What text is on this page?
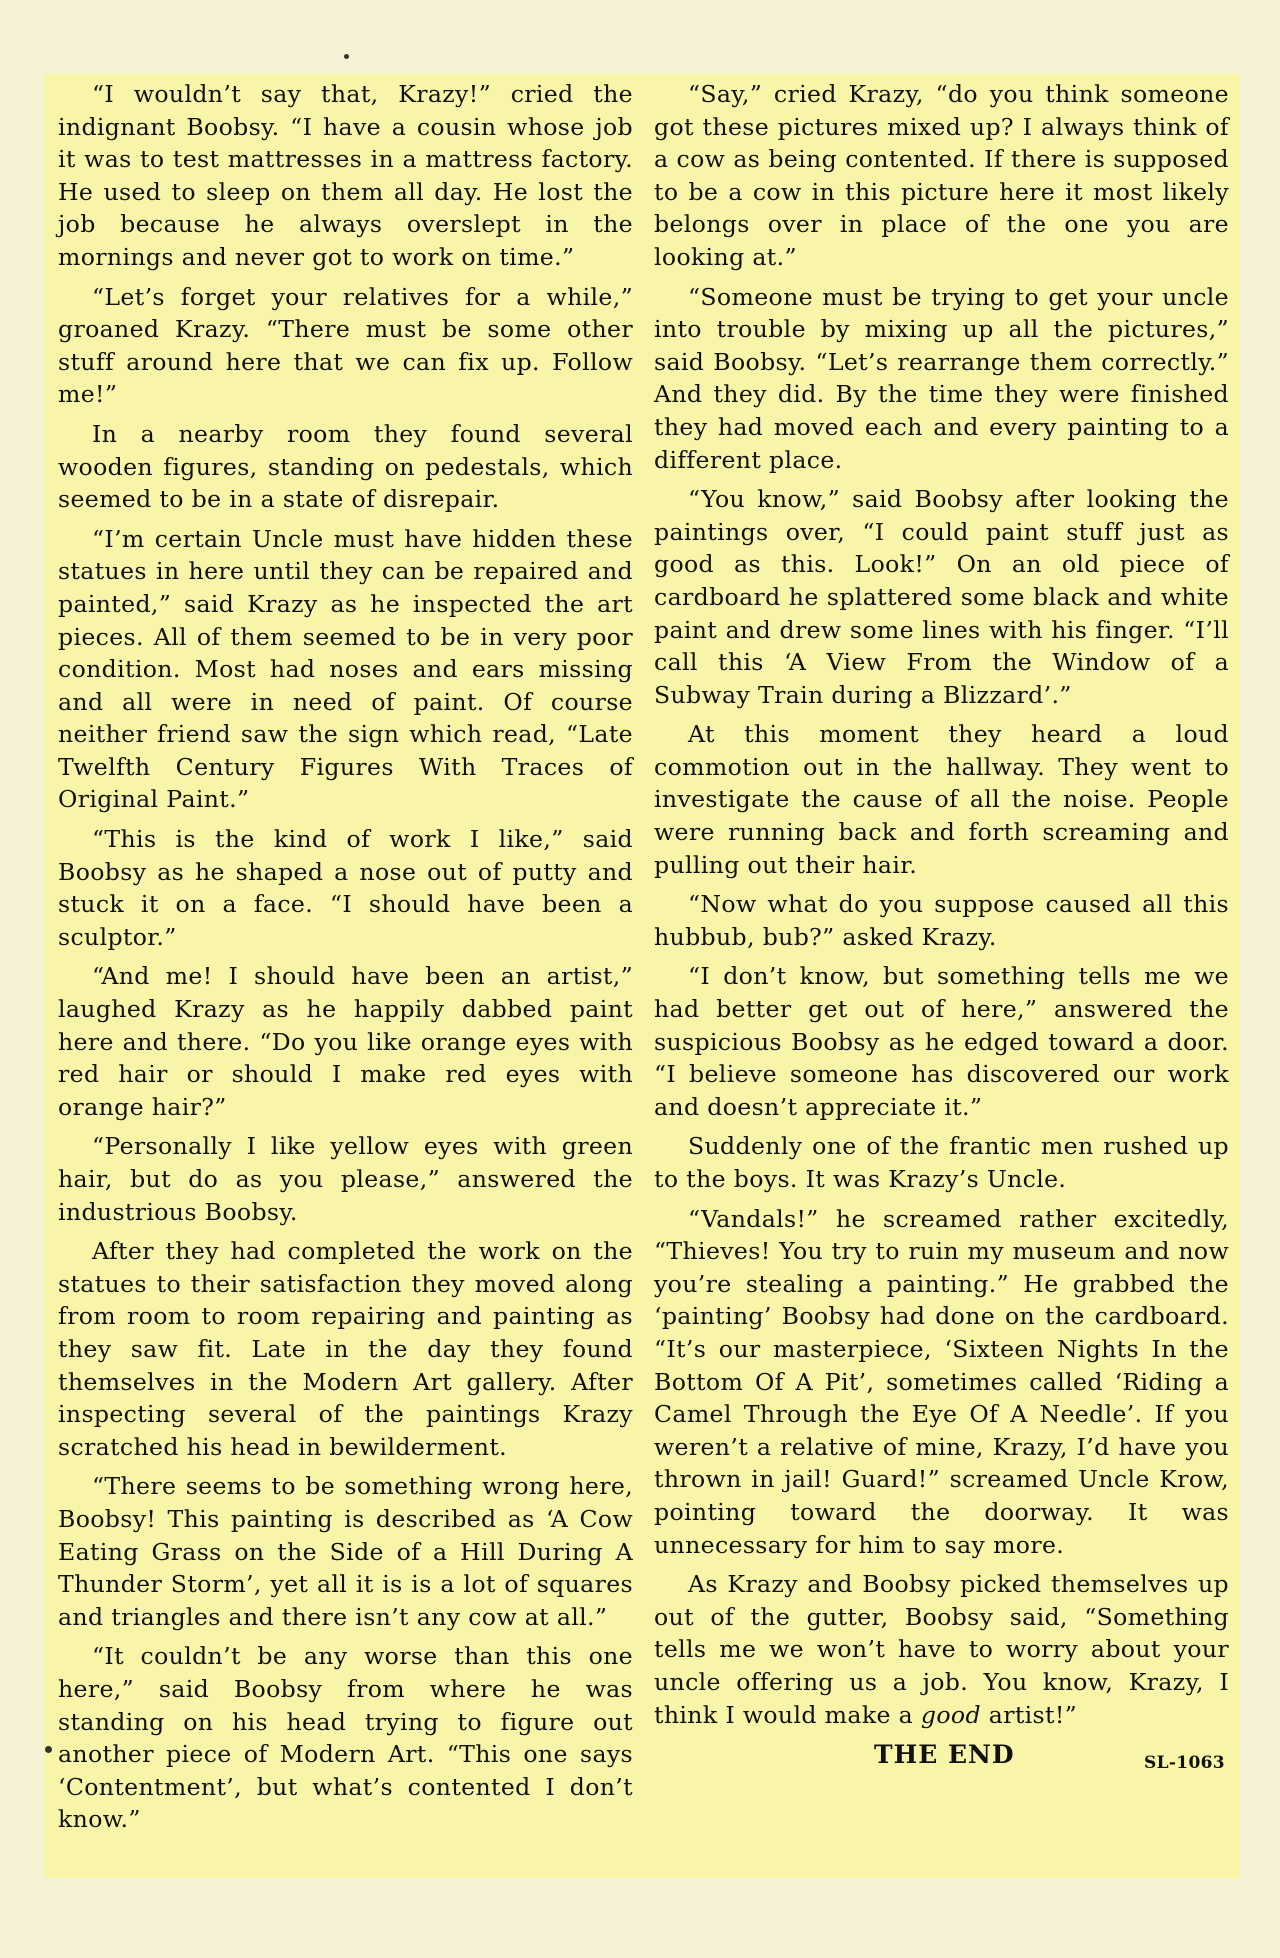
“I wouldn’t say that, Krazy!” cried the indignant Boobsy. “I have a cousin whose job it was to test mattresses in a mattress factory. He used to sleep on them all day. He lost the job because he always overslept in the mornings and never got to work on time.”

“Let’s forget your relatives for a while,” groaned Krazy. “There must be some other stuff around here that we can fix up. Follow me!”

In a nearby room they found several wooden figures, standing on pedestals, which seemed to be in a state of disrepair.

“I’m certain Uncle must have hidden these statues in here until they can be repaired and painted,” said Krazy as he inspected the art pieces. All of them seemed to be in very poor condition. Most had noses and ears missing and all were in need of paint. Of course neither friend saw the sign which read, “Late Twelfth Century Figures With Traces of Original Paint.”

“This is the kind of work I like,” said Boobsy as he shaped a nose out of putty and stuck it on a face. “I should have been a sculptor.”

“And me! I should have been an artist,” laughed Krazy as he happily dabbed paint here and there. “Do you like orange eyes with red hair or should I make red eyes with orange hair?”

“Personally I like yellow eyes with green hair, but do as you please,” answered the industrious Boobsy.

After they had completed the work on the statues to their satisfaction they moved along from room to room repairing and painting as they saw fit. Late in the day they found themselves in the Modern Art gallery. After inspecting several of the paintings Krazy scratched his head in bewilderment.

“There seems to be something wrong here, Boobsy! This painting is described as ‘A Cow Eating Grass on the Side of a Hill During A Thunder Storm’, yet all it is is a lot of squares and triangles and there isn’t any cow at all.”

“It couldn’t be any worse than this one here,” said Boobsy from where he was standing on his head trying to figure out another piece of Modern Art. “This one says ‘Contentment’, but what’s contented I don’t know.”

“Say,” cried Krazy, “do you think someone got these pictures mixed up? I always think of a cow as being contented. If there is supposed to be a cow in this picture here it most likely belongs over in place of the one you are looking at.”

“Someone must be trying to get your uncle into trouble by mixing up all the pictures,” said Boobsy. “Let’s rearrange them correctly.” And they did. By the time they were finished they had moved each and every painting to a different place.

“You know,” said Boobsy after looking the paintings over, “I could paint stuff just as good as this. Look!” On an old piece of cardboard he splattered some black and white paint and drew some lines with his finger. “I’ll call this ‘A View From the Window of a Subway Train during a Blizzard’.”

At this moment they heard a loud commotion out in the hallway. They went to investigate the cause of all the noise. People were running back and forth screaming and pulling out their hair.

“Now what do you suppose caused all this hubbub, bub?” asked Krazy.

“I don’t know, but something tells me we had better get out of here,” answered the suspicious Boobsy as he edged toward a door. “I believe someone has discovered our work and doesn’t appreciate it.”

Suddenly one of the frantic men rushed up to the boys. It was Krazy’s Uncle.

“Vandals!” he screamed rather excitedly, “Thieves! You try to ruin my museum and now you’re stealing a painting.” He grabbed the ‘painting’ Boobsy had done on the cardboard. “It’s our masterpiece, ‘Sixteen Nights In the Bottom Of A Pit’, sometimes called ‘Riding a Camel Through the Eye Of A Needle’. If you weren’t a relative of mine, Krazy, I’d have you thrown in jail! Guard!” screamed Uncle Krow, pointing toward the doorway. It was unnecessary for him to say more.

As Krazy and Boobsy picked themselves up out of the gutter, Boobsy said, “Something tells me we won’t have to worry about your uncle offering us a job. You know, Krazy, I think I would make a good artist!”

THE END	SL-1063
